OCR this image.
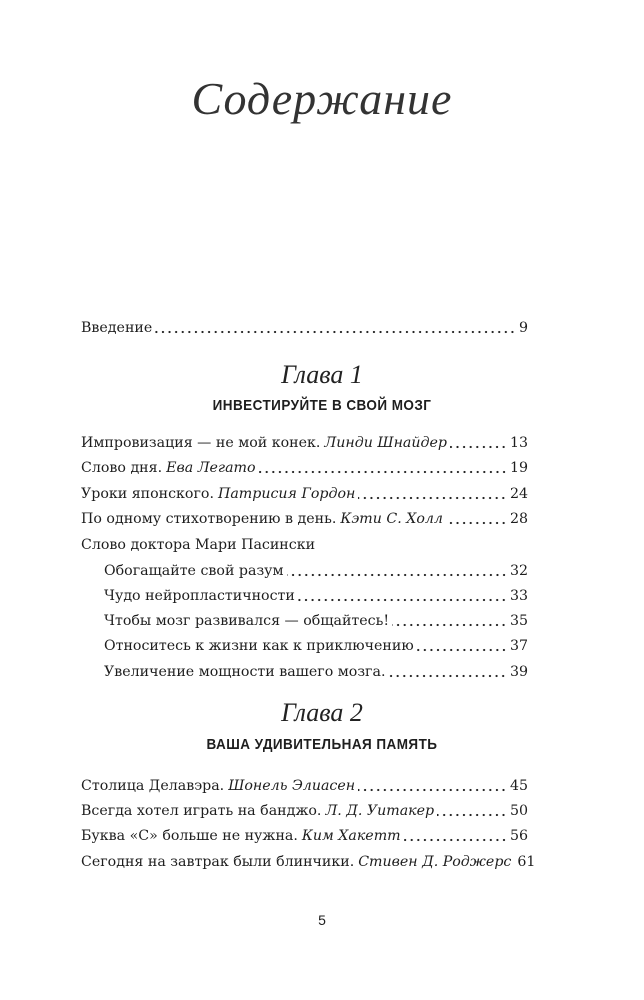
Содержание
Введение	9
Глава 1
ИНВЕСТИРУЙТЕ В СВОЙ МОЗГ
Импровизация — не мой конек. Линди Шнайдер	13
Слово дня. Ева Легато	19
Уроки японского. Патрисия Гордон	24
По одному стихотворению в день. Кэти С. Холл	28
Слово доктора Мари Пасински
Обогащайте свой разум	32
Чудо нейропластичности	33
Чтобы мозг развивался — общайтесь!	35
Относитесь к жизни как к приключению	37
Увеличение мощности вашего мозга.	39
Глава 2
ВАША УДИВИТЕЛЬНАЯ ПАМЯТЬ
Столица Делавэра. Шонель Элиасен	45
Всегда хотел играть на банджо. Л. Д. Уитакер	50
Буква «С» больше не нужна. Ким Хакетт	56
Сегодня на завтрак были блинчики. Стивен Д. Роджерс 61
5
